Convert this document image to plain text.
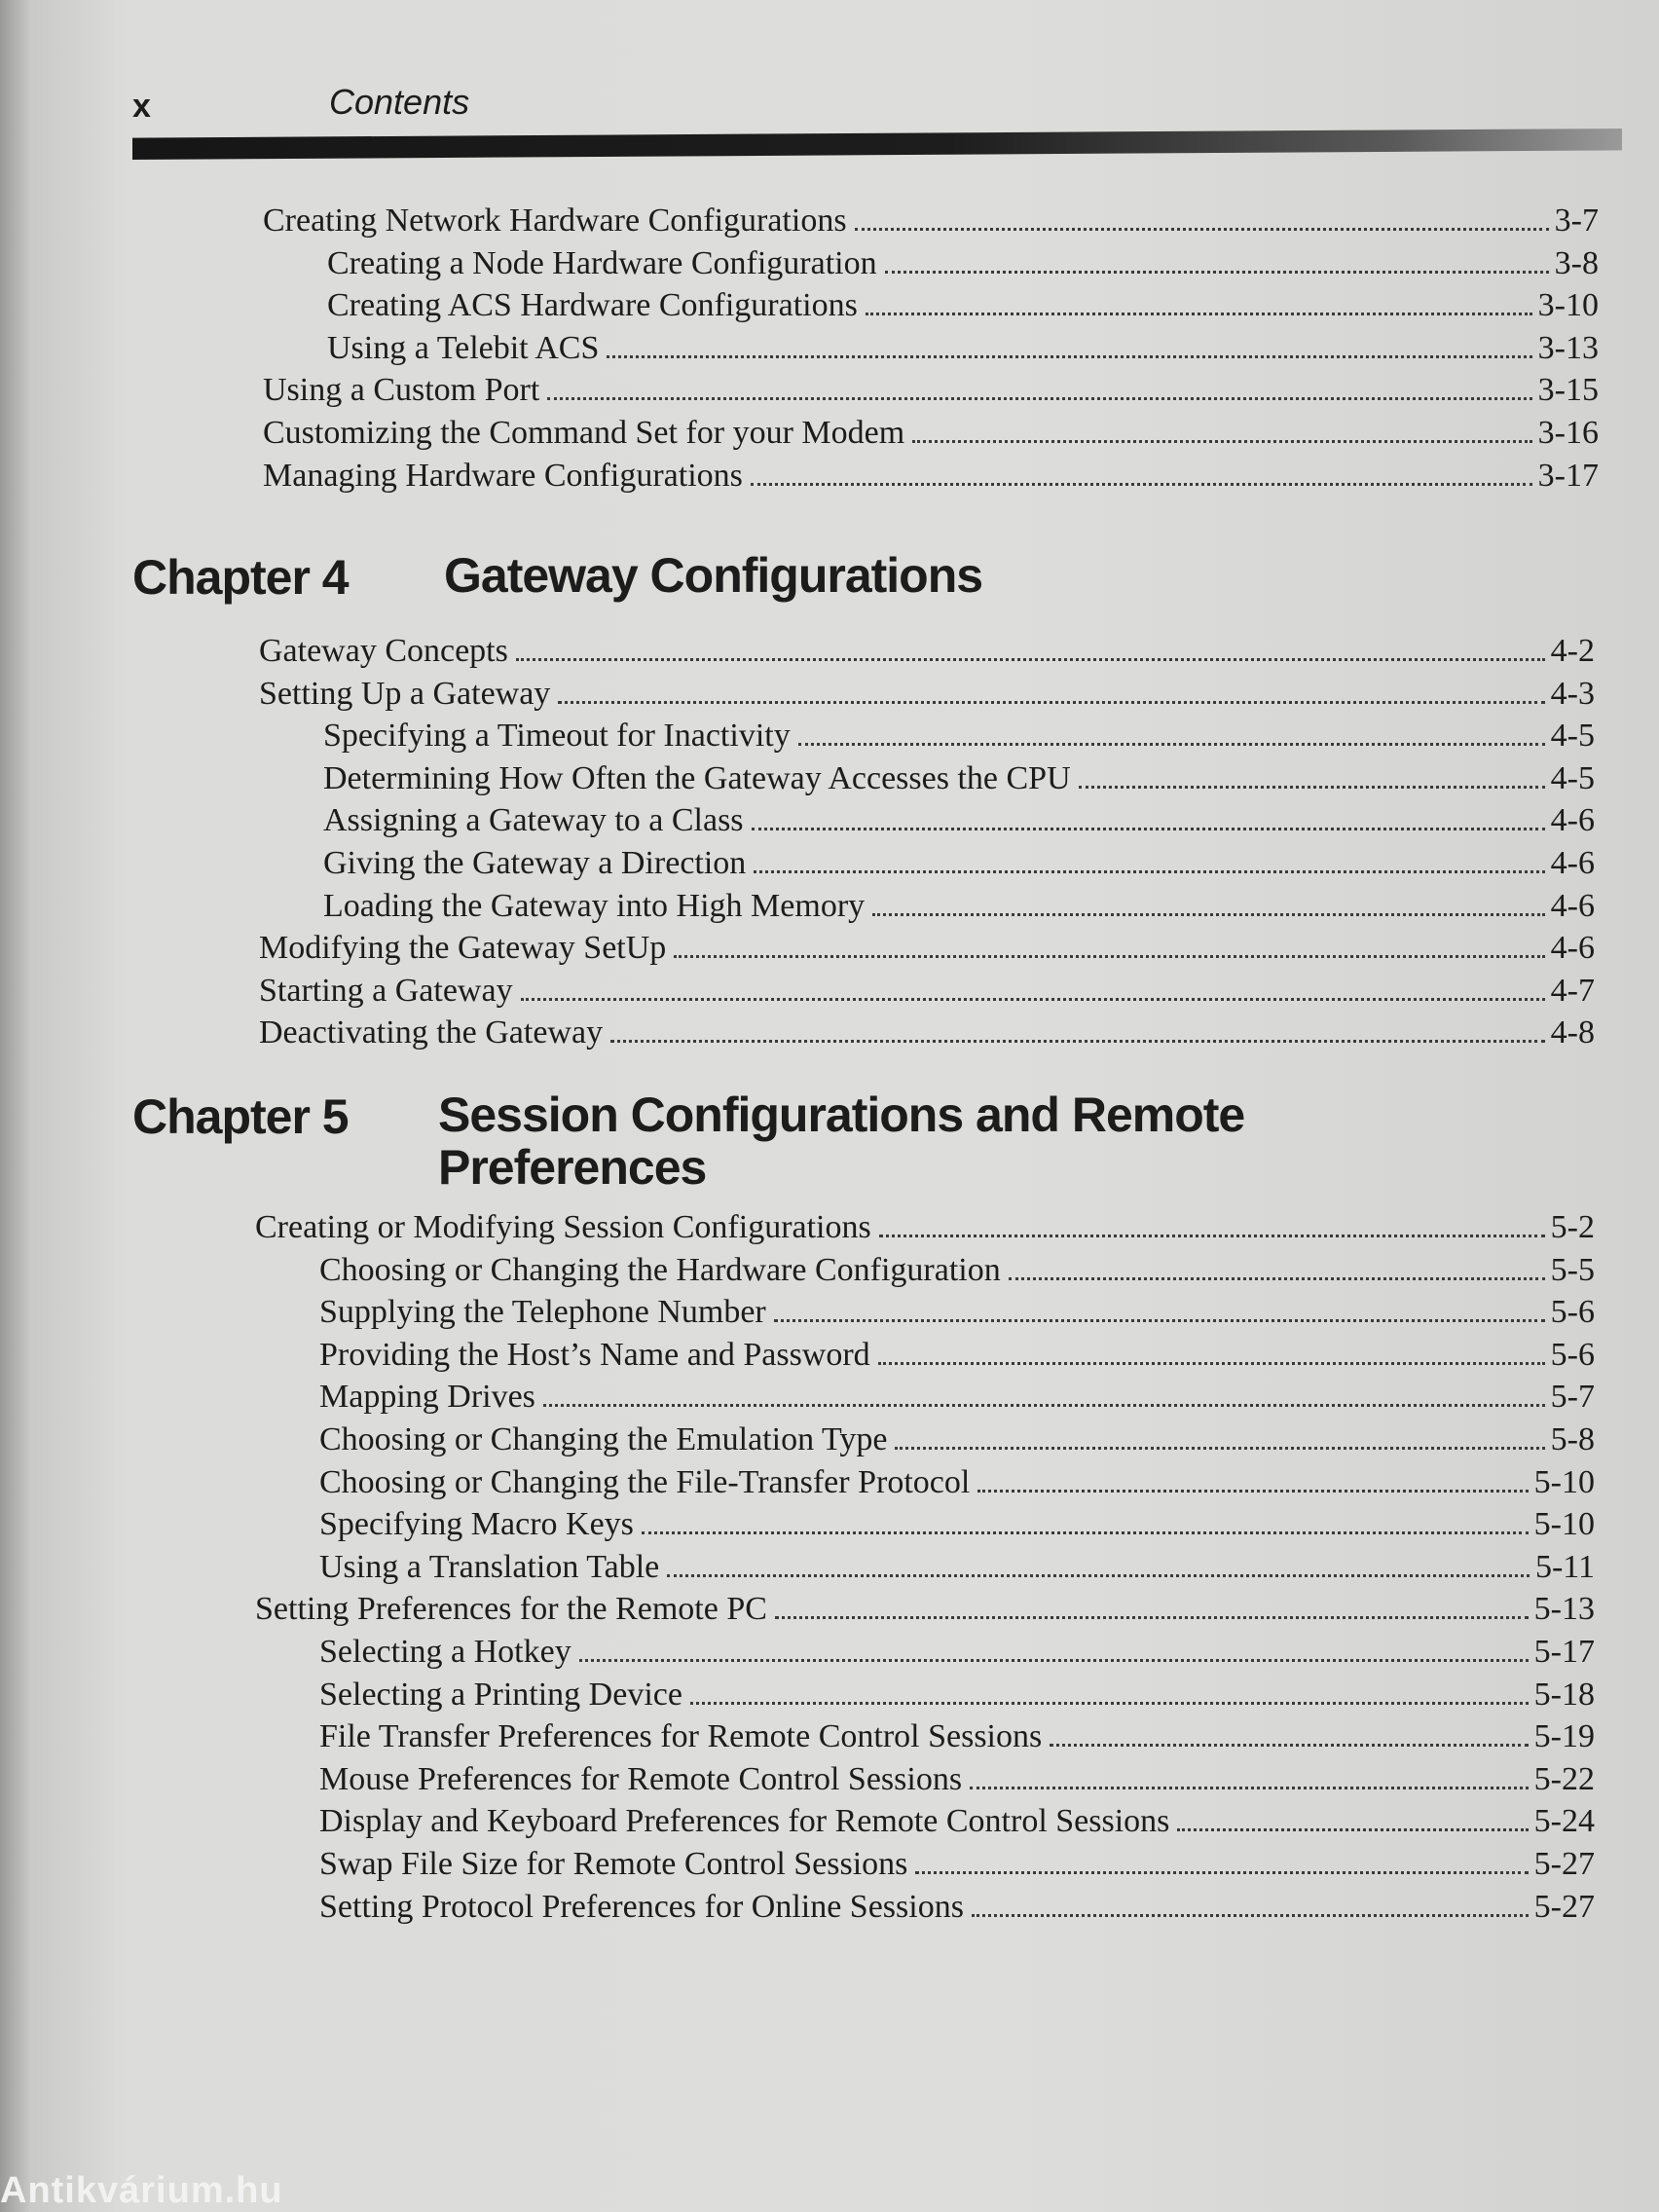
x	Contents
Creating Network Hardware Configurations	3-7
Creating a Node Hardware Configuration	3-8
Creating ACS Hardware Configurations	3-10
Using a Telebit ACS	3-13
Using a Custom Port	3-15
Customizing the Command Set for your Modem	3-16
Managing Hardware Configurations	3-17
Chapter 4 Gateway Configurations
Gateway Concepts	4-2
Setting Up a Gateway	4-3
Specifying a Timeout for Inactivity	4-5
Determining How Often the Gateway Accesses the CPU	4-5
Assigning a Gateway to a Class	4-6
Giving the Gateway a Direction	4-6
Loading the Gateway into High Memory	4-6
Modifying the Gateway SetUp	4-6
Starting a Gateway	4-7
Deactivating the Gateway	4-8
Chapter 5 Session Configurations and Remote Preferences
Creating or Modifying Session Configurations	5-2
Choosing or Changing the Hardware Configuration	5-5
Supplying the Telephone Number	5-6
Providing the Host’s Name and Password	5-6
Mapping Drives	5-7
Choosing or Changing the Emulation Type	5-8
Choosing or Changing the File-Transfer Protocol	5-10
Specifying Macro Keys	5-10
Using a Translation Table	5-11
Setting Preferences for the Remote PC	5-13
Selecting a Hotkey	5-17
Selecting a Printing Device	5-18
File Transfer Preferences for Remote Control Sessions	5-19
Mouse Preferences for Remote Control Sessions	5-22
Display and Keyboard Preferences for Remote Control Sessions	5-24
Swap File Size for Remote Control Sessions	5-27
Setting Protocol Preferences for Online Sessions	5-27
Antikvárium.hu
